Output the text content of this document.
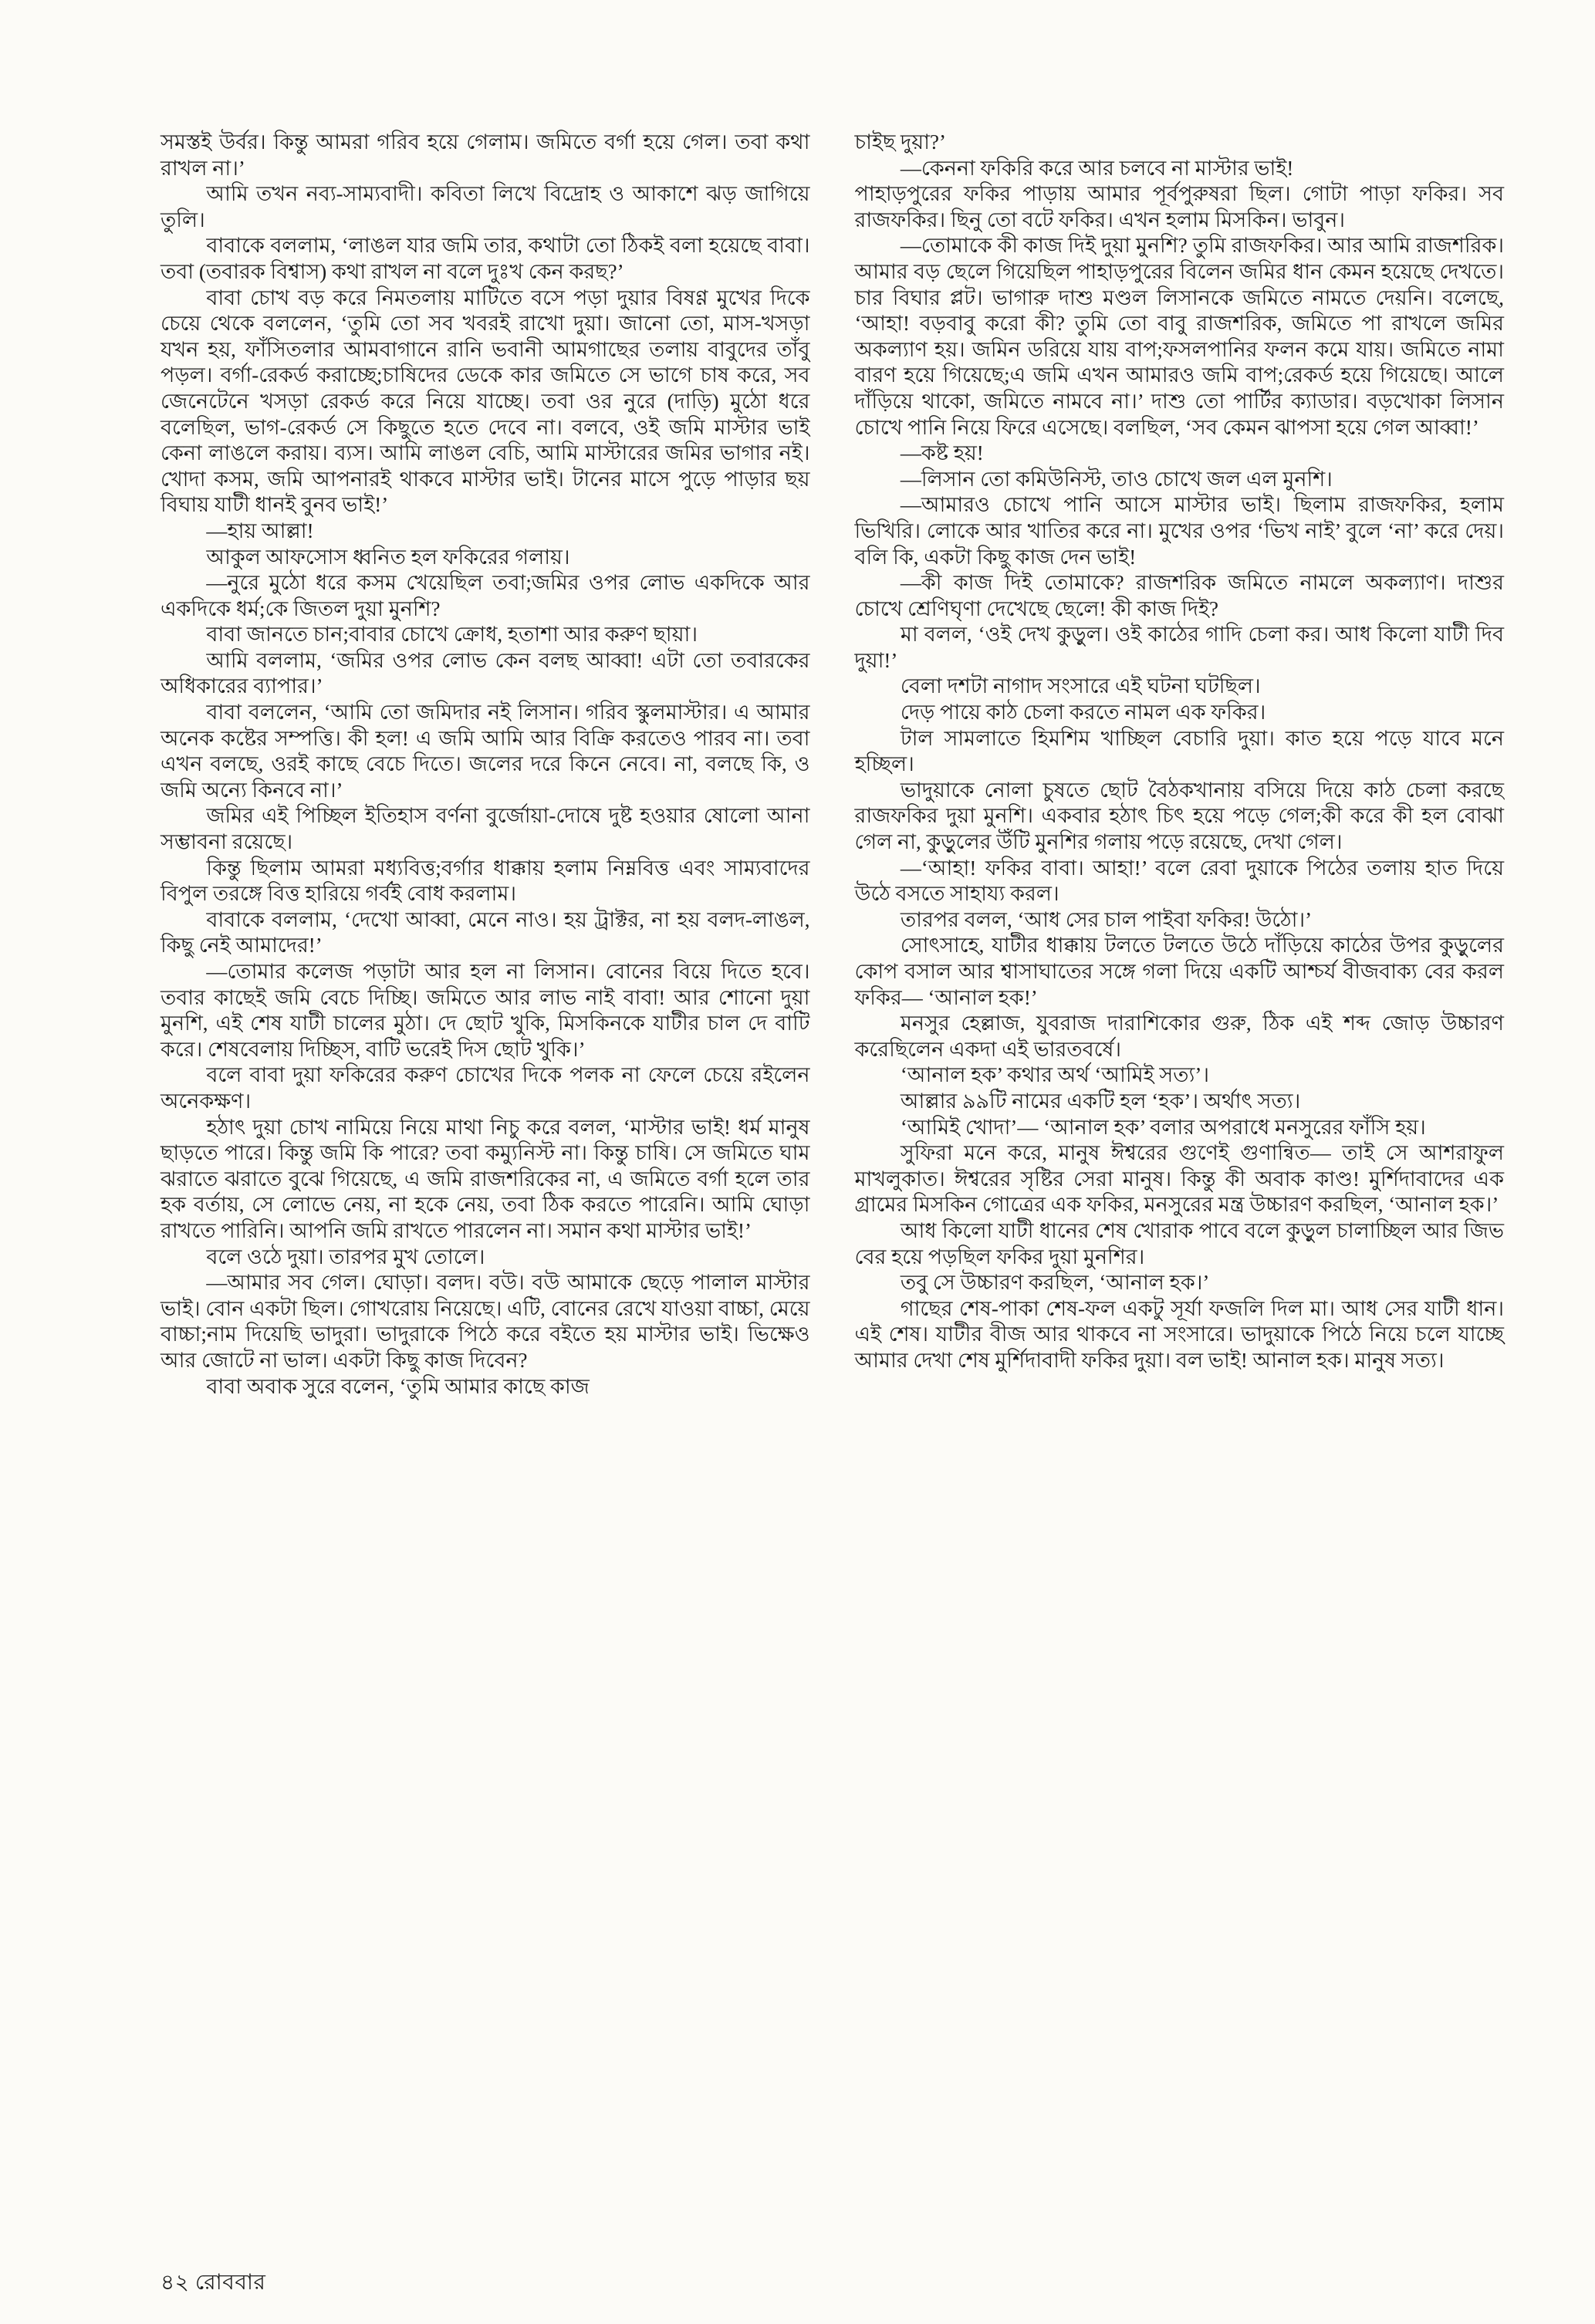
সমস্তই উর্বর। কিন্তু আমরা গরিব হয়ে গেলাম। জমিতে বর্গা হয়ে গেল। তবা কথা রাখল না।’

আমি তখন নব্য-সাম্যবাদী। কবিতা লিখে বিদ্রোহ ও আকাশে ঝড় জাগিয়ে তুলি।

বাবাকে বললাম, ‘লাঙল যার জমি তার, কথাটা তো ঠিকই বলা হয়েছে বাবা। তবা (তবারক বিশ্বাস) কথা রাখল না বলে দুঃখ কেন করছ?’

বাবা চোখ বড় করে নিমতলায় মাটিতে বসে পড়া দুয়ার বিষণ্ণ মুখের দিকে চেয়ে থেকে বললেন, ‘তুমি তো সব খবরই রাখো দুয়া। জানো তো, মাস-খসড়া যখন হয়, ফাঁসিতলার আমবাগানে রানি ভবানী আমগাছের তলায় বাবুদের তাঁবু পড়ল। বর্গা-রেকর্ড করাচ্ছে;চাষিদের ডেকে কার জমিতে সে ভাগে চাষ করে, সব জেনেটেনে খসড়া রেকর্ড করে নিয়ে যাচ্ছে। তবা ওর নুরে (দাড়ি) মুঠো ধরে বলেছিল, ভাগ-রেকর্ড সে কিছুতে হতে দেবে না। বলবে, ওই জমি মাস্টার ভাই কেনা লাঙলে করায়। ব্যস। আমি লাঙল বেচি, আমি মাস্টারের জমির ভাগার নই। খোদা কসম, জমি আপনারই থাকবে মাস্টার ভাই। টানের মাসে পুড়ে পাড়ার ছয় বিঘায় যাটী ধানই বুনব ভাই!’

—হায় আল্লা!

আকুল আফসোস ধ্বনিত হল ফকিরের গলায়।

—নুরে মুঠো ধরে কসম খেয়েছিল তবা;জমির ওপর লোভ একদিকে আর একদিকে ধর্ম;কে জিতল দুয়া মুনশি?

বাবা জানতে চান;বাবার চোখে ক্রোধ, হতাশা আর করুণ ছায়া।

আমি বললাম, ‘জমির ওপর লোভ কেন বলছ আব্বা! এটা তো তবারকের অধিকারের ব্যাপার।’

বাবা বললেন, ‘আমি তো জমিদার নই লিসান। গরিব স্কুলমাস্টার। এ আমার অনেক কষ্টের সম্পত্তি। কী হল! এ জমি আমি আর বিক্রি করতেও পারব না। তবা এখন বলছে, ওরই কাছে বেচে দিতে। জলের দরে কিনে নেবে। না, বলছে কি, ও জমি অন্যে কিনবে না।’

জমির এই পিচ্ছিল ইতিহাস বর্ণনা বুর্জোয়া-দোষে দুষ্ট হওয়ার ষোলো আনা সম্ভাবনা রয়েছে।

কিন্তু ছিলাম আমরা মধ্যবিত্ত;বর্গার ধাক্কায় হলাম নিম্নবিত্ত এবং সাম্যবাদের বিপুল তরঙ্গে বিত্ত হারিয়ে গর্বই বোধ করলাম।

বাবাকে বললাম, ‘দেখো আব্বা, মেনে নাও। হয় ট্রাক্টর, না হয় বলদ-লাঙল, কিছু নেই আমাদের!’

—তোমার কলেজ পড়াটা আর হল না লিসান। বোনের বিয়ে দিতে হবে। তবার কাছেই জমি বেচে দিচ্ছি। জমিতে আর লাভ নাই বাবা! আর শোনো দুয়া মুনশি, এই শেষ যাটী চালের মুঠা। দে ছোট খুকি, মিসকিনকে যাটীর চাল দে বাটি করে। শেষবেলায় দিচ্ছিস, বাটি ভরেই দিস ছোট খুকি।’

বলে বাবা দুয়া ফকিরের করুণ চোখের দিকে পলক না ফেলে চেয়ে রইলেন অনেকক্ষণ।

হঠাৎ দুয়া চোখ নামিয়ে নিয়ে মাথা নিচু করে বলল, ‘মাস্টার ভাই! ধর্ম মানুষ ছাড়তে পারে। কিন্তু জমি কি পারে? তবা কম্যুনিস্ট না। কিন্তু চাষি। সে জমিতে ঘাম ঝরাতে ঝরাতে বুঝে গিয়েছে, এ জমি রাজশরিকের না, এ জমিতে বর্গা হলে তার হক বর্তায়, সে লোভে নেয়, না হকে নেয়, তবা ঠিক করতে পারেনি। আমি ঘোড়া রাখতে পারিনি। আপনি জমি রাখতে পারলেন না। সমান কথা মাস্টার ভাই!’

বলে ওঠে দুয়া। তারপর মুখ তোলে।

—আমার সব গেল। ঘোড়া। বলদ। বউ। বউ আমাকে ছেড়ে পালাল মাস্টার ভাই। বোন একটা ছিল। গোখরোয় নিয়েছে। এটি, বোনের রেখে যাওয়া বাচ্চা, মেয়ে বাচ্চা;নাম দিয়েছি ভাদুরা। ভাদুরাকে পিঠে করে বইতে হয় মাস্টার ভাই। ভিক্ষেও আর জোটে না ভাল। একটা কিছু কাজ দিবেন?

বাবা অবাক সুরে বলেন, ‘তুমি আমার কাছে কাজ

চাইছ দুয়া?’

—কেননা ফকিরি করে আর চলবে না মাস্টার ভাই!

পাহাড়পুরের ফকির পাড়ায় আমার পূর্বপুরুষরা ছিল। গোটা পাড়া ফকির। সব রাজফকির। ছিনু তো বটে ফকির। এখন হলাম মিসকিন। ভাবুন।

—তোমাকে কী কাজ দিই দুয়া মুনশি? তুমি রাজফকির। আর আমি রাজশরিক। আমার বড় ছেলে গিয়েছিল পাহাড়পুরের বিলেন জমির ধান কেমন হয়েছে দেখতে। চার বিঘার প্লট। ভাগারু দাশু মণ্ডল লিসানকে জমিতে নামতে দেয়নি। বলেছে, ‘আহা! বড়বাবু করো কী? তুমি তো বাবু রাজশরিক, জমিতে পা রাখলে জমির অকল্যাণ হয়। জমিন ডরিয়ে যায় বাপ;ফসলপানির ফলন কমে যায়। জমিতে নামা বারণ হয়ে গিয়েছে;এ জমি এখন আমারও জমি বাপ;রেকর্ড হয়ে গিয়েছে। আলে দাঁড়িয়ে থাকো, জমিতে নামবে না।’ দাশু তো পার্টির ক্যাডার। বড়খোকা লিসান চোখে পানি নিয়ে ফিরে এসেছে। বলছিল, ‘সব কেমন ঝাপসা হয়ে গেল আব্বা!’

—কষ্ট হয়!

—লিসান তো কমিউনিস্ট, তাও চোখে জল এল মুনশি।

—আমারও চোখে পানি আসে মাস্টার ভাই। ছিলাম রাজফকির, হলাম ভিখিরি। লোকে আর খাতির করে না। মুখের ওপর ‘ভিখ নাই’ বুলে ‘না’ করে দেয়। বলি কি, একটা কিছু কাজ দেন ভাই!

—কী কাজ দিই তোমাকে? রাজশরিক জমিতে নামলে অকল্যাণ। দাশুর চোখে শ্রেণিঘৃণা দেখেছে ছেলে! কী কাজ দিই?

মা বলল, ‘ওই দেখ কুড়ুল। ওই কাঠের গাদি চেলা কর। আধ কিলো যাটী দিব দুয়া!’

বেলা দশটা নাগাদ সংসারে এই ঘটনা ঘটছিল।

দেড় পায়ে কাঠ চেলা করতে নামল এক ফকির।

টাল সামলাতে হিমশিম খাচ্ছিল বেচারি দুয়া। কাত হয়ে পড়ে যাবে মনে হচ্ছিল।

ভাদুয়াকে নোলা চুষতে ছোট বৈঠকখানায় বসিয়ে দিয়ে কাঠ চেলা করছে রাজফকির দুয়া মুনশি। একবার হঠাৎ চিৎ হয়ে পড়ে গেল;কী করে কী হল বোঝা গেল না, কুড়ুলের উঁটি মুনশির গলায় পড়ে রয়েছে, দেখা গেল।

—‘আহা! ফকির বাবা। আহা!’ বলে রেবা দুয়াকে পিঠের তলায় হাত দিয়ে উঠে বসতে সাহায্য করল।

তারপর বলল, ‘আধ সের চাল পাইবা ফকির! উঠো।’

সোৎসাহে, যাটীর ধাক্কায় টলতে টলতে উঠে দাঁড়িয়ে কাঠের উপর কুড়ুলের কোপ বসাল আর শ্বাসাঘাতের সঙ্গে গলা দিয়ে একটি আশ্চর্য বীজবাক্য বের করল ফকির— ‘আনাল হক!’

মনসুর হেল্লাজ, যুবরাজ দারাশিকোর গুরু, ঠিক এই শব্দ জোড় উচ্চারণ করেছিলেন একদা এই ভারতবর্ষে।

‘আনাল হক’ কথার অর্থ ‘আমিই সত্য’।

আল্লার ৯৯টি নামের একটি হল ‘হক’। অর্থাৎ সত্য।

‘আমিই খোদা’— ‘আনাল হক’ বলার অপরাধে মনসুরের ফাঁসি হয়।

সুফিরা মনে করে, মানুষ ঈশ্বরের গুণেই গুণান্বিত— তাই সে আশরাফুল মাখলুকাত। ঈশ্বরের সৃষ্টির সেরা মানুষ। কিন্তু কী অবাক কাণ্ড! মুর্শিদাবাদের এক গ্রামের মিসকিন গোত্রের এক ফকির, মনসুরের মন্ত্র উচ্চারণ করছিল, ‘আনাল হক।’

আধ কিলো যাটী ধানের শেষ খোরাক পাবে বলে কুড়ুল চালাচ্ছিল আর জিভ বের হয়ে পড়ছিল ফকির দুয়া মুনশির।

তবু সে উচ্চারণ করছিল, ‘আনাল হক।’

গাছের শেষ-পাকা শেষ-ফল একটু সূর্যা ফজলি দিল মা। আধ সের যাটী ধান। এই শেষ। যাটীর বীজ আর থাকবে না সংসারে। ভাদুয়াকে পিঠে নিয়ে চলে যাচ্ছে আমার দেখা শেষ মুর্শিদাবাদী ফকির দুয়া। বল ভাই! আনাল হক। মানুষ সত্য।

৪২ রোববার
